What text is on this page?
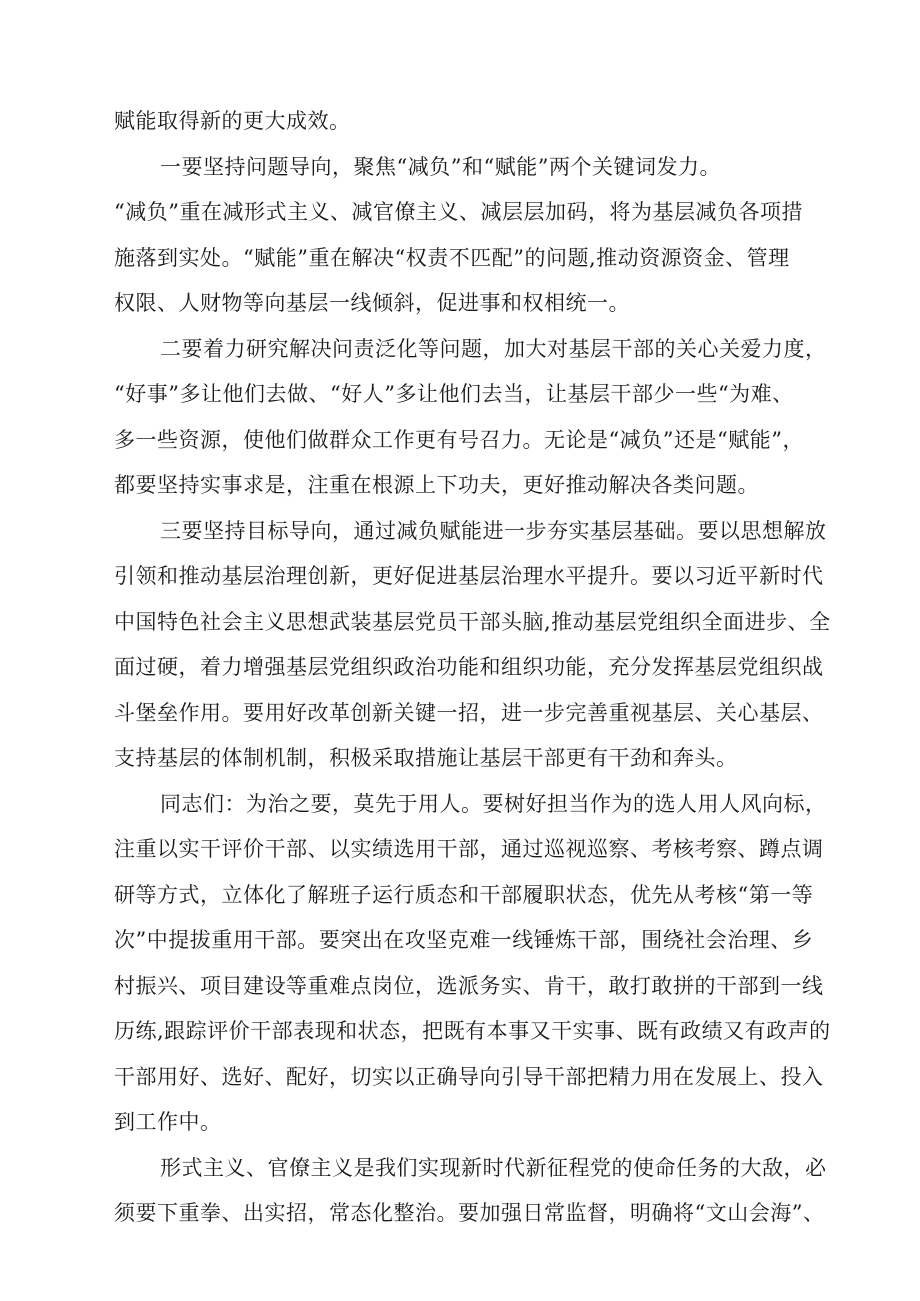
赋能取得新的更大成效。
一要坚持问题导向，聚焦“减负”和“赋能”两个关键词发力。
“减负”重在减形式主义、减官僚主义、减层层加码，将为基层减负各项措
施落到实处。“赋能”重在解决“权责不匹配”的问题,推动资源资金、管理
权限、人财物等向基层一线倾斜，促进事和权相统一。
二要着力研究解决问责泛化等问题，加大对基层干部的关心关爱力度，
“好事”多让他们去做、“好人”多让他们去当，让基层干部少一些“为难、
多一些资源，使他们做群众工作更有号召力。无论是“减负”还是“赋能”，
都要坚持实事求是，注重在根源上下功夫，更好推动解决各类问题。
三要坚持目标导向，通过减负赋能进一步夯实基层基础。要以思想解放
引领和推动基层治理创新，更好促进基层治理水平提升。要以习近平新时代
中国特色社会主义思想武装基层党员干部头脑,推动基层党组织全面进步、全
面过硬，着力增强基层党组织政治功能和组织功能，充分发挥基层党组织战
斗堡垒作用。要用好改革创新关键一招，进一步完善重视基层、关心基层、
支持基层的体制机制，积极采取措施让基层干部更有干劲和奔头。
同志们：为治之要，莫先于用人。要树好担当作为的选人用人风向标，
注重以实干评价干部、以实绩选用干部，通过巡视巡察、考核考察、蹲点调
研等方式，立体化了解班子运行质态和干部履职状态，优先从考核“第一等
次”中提拔重用干部。要突出在攻坚克难一线锤炼干部，围绕社会治理、乡
村振兴、项目建设等重难点岗位，选派务实、肯干，敢打敢拼的干部到一线
历练,跟踪评价干部表现和状态，把既有本事又干实事、既有政绩又有政声的
干部用好、选好、配好，切实以正确导向引导干部把精力用在发展上、投入
到工作中。
形式主义、官僚主义是我们实现新时代新征程党的使命任务的大敌，必
须要下重拳、出实招，常态化整治。要加强日常监督，明确将“文山会海”、
